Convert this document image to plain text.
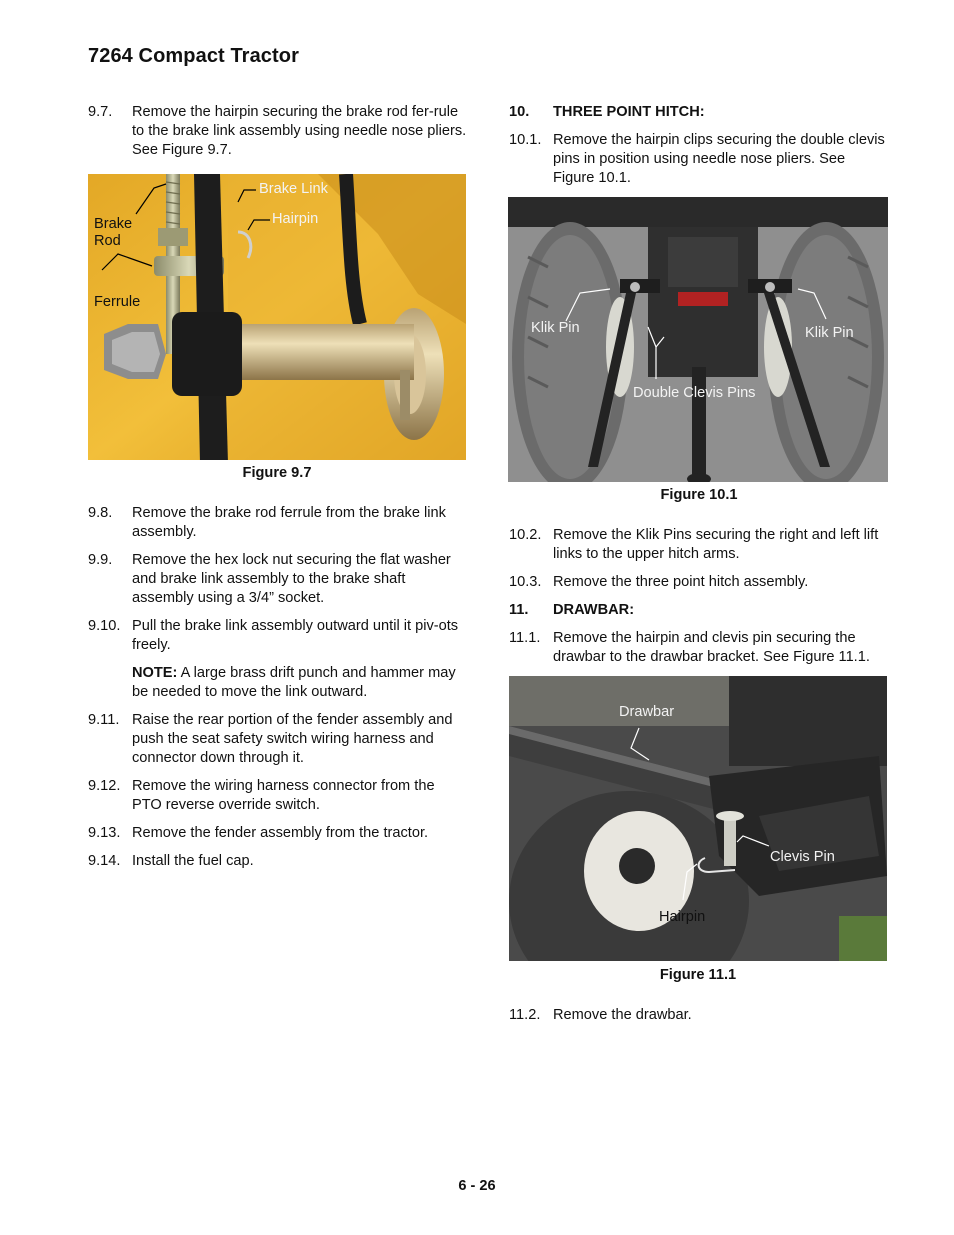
7264 Compact Tractor
9.7.	Remove the hairpin securing the brake rod fer-rule to the brake link assembly using needle nose pliers. See Figure 9.7.
Brake Link
Hairpin
Brake
Rod
Ferrule
Figure 9.7
9.8.	Remove the brake rod ferrule from the brake link assembly.
9.9.	Remove the hex lock nut securing the flat washer and brake link assembly to the brake shaft assembly using a 3/4” socket.
9.10. Pull the brake link assembly outward until it piv-ots freely.
NOTE: A large brass drift punch and hammer may be needed to move the link outward.
9.11. Raise the rear portion of the fender assembly and push the seat safety switch wiring harness and connector down through it.
9.12. Remove the wiring harness connector from the PTO reverse override switch.
9.13. Remove the fender assembly from the tractor.
9.14. Install the fuel cap.
10.	THREE POINT HITCH:
10.1. Remove the hairpin clips securing the double clevis pins in position using needle nose pliers. See Figure 10.1.
Klik Pin	Klik Pin
Double Clevis Pins
Figure 10.1
10.2. Remove the Klik Pins securing the right and left lift links to the upper hitch arms.
10.3. Remove the three point hitch assembly.
11.	DRAWBAR:
11.1. Remove the hairpin and clevis pin securing the drawbar to the drawbar bracket. See Figure 11.1.
Drawbar
Clevis Pin
Hairpin
Figure 11.1
11.2. Remove the drawbar.
6 - 26
